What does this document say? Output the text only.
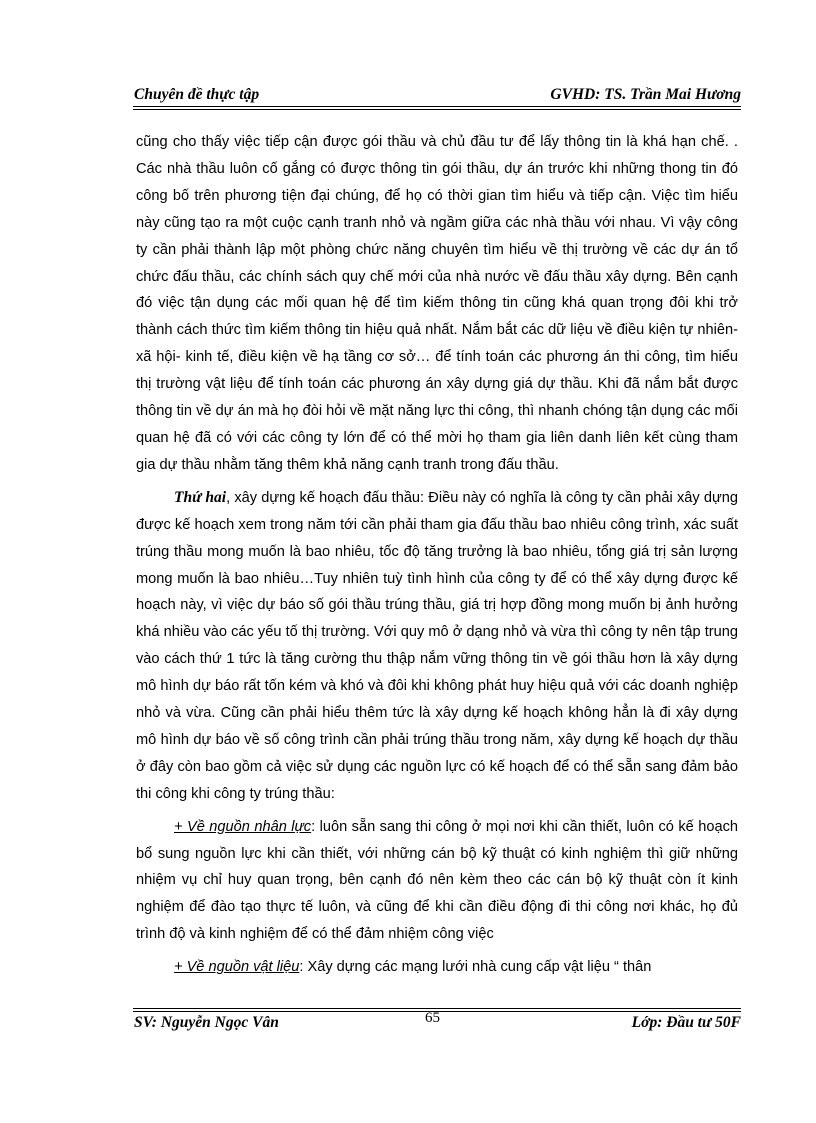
Chuyên đề thực tập	GVHD: TS. Trần Mai Hương

cũng cho thấy việc tiếp cận được gói thầu và chủ đầu tư để lấy thông tin là khá hạn chế. . Các nhà thầu luôn cố gắng có được thông tin gói thầu, dự án trước khi những thong tin đó công bố trên phương tiện đại chúng, để họ có thời gian tìm hiểu và tiếp cận. Việc tìm hiểu này cũng tạo ra một cuộc cạnh tranh nhỏ và ngầm giữa các nhà thầu với nhau. Vì vậy công ty cần phải thành lập một phòng chức năng chuyên tìm hiểu về thị trường về các dự án tổ chức đấu thầu, các chính sách quy chế mới của nhà nước về đấu thầu xây dựng. Bên cạnh đó việc tận dụng các mối quan hệ để tìm kiếm thông tin cũng khá quan trọng đôi khi trở thành cách thức tìm kiếm thông tin hiệu quả nhất. Nắm bắt các dữ liệu về điều kiện tự nhiên- xã hội- kinh tế, điều kiện về hạ tầng cơ sở… để tính toán các phương án thi công, tìm hiểu thị trường vật liệu để tính toán các phương án xây dựng giá dự thầu. Khi đã nắm bắt được thông tin về dự án mà họ đòi hỏi về mặt năng lực thi công, thì nhanh chóng tận dụng các mối quan hệ đã có với các công ty lớn để có thể mời họ tham gia liên danh liên kết cùng tham gia dự thầu nhằm tăng thêm khả năng cạnh tranh trong đấu thầu.

Thứ hai, xây dựng kế hoạch đấu thầu: Điều này có nghĩa là công ty cần phải xây dựng được kế hoạch xem trong năm tới cần phải tham gia đấu thầu bao nhiêu công trình, xác suất trúng thầu mong muốn là bao nhiêu, tốc độ tăng trưởng là bao nhiêu, tổng giá trị sản lượng mong muốn là bao nhiêu…Tuy nhiên tuỳ tình hình của công ty để có thể xây dựng được kế hoạch này, vì việc dự báo số gói thầu trúng thầu, giá trị hợp đồng mong muốn bị ảnh hưởng khá nhiều vào các yếu tố thị trường. Với quy mô ở dạng nhỏ và vừa thì công ty nên tập trung vào cách thứ 1 tức là tăng cường thu thập nắm vững thông tin về gói thầu hơn là xây dựng mô hình dự báo rất tốn kém và khó và đôi khi không phát huy hiệu quả với các doanh nghiệp nhỏ và vừa. Cũng cần phải hiểu thêm tức là xây dựng kế hoạch không hẳn là đi xây dựng mô hình dự báo về số công trình cần phải trúng thầu trong năm, xây dựng kế hoạch dự thầu ở đây còn bao gồm cả việc sử dụng các nguồn lực có kế hoạch để có thể sẵn sang đảm bảo thi công khi công ty trúng thầu:

+ Về nguồn nhân lực: luôn sẵn sang thi công ở mọi nơi khi cần thiết, luôn có kế hoạch bổ sung nguồn lực khi cần thiết, với những cán bộ kỹ thuật có kinh nghiệm thì giữ những nhiệm vụ chỉ huy quan trọng, bên cạnh đó nên kèm theo các cán bộ kỹ thuật còn ít kinh nghiệm để đào tạo thực tế luôn, và cũng để khi cần điều động đi thi công nơi khác, họ đủ trình độ và kinh nghiệm để có thể đảm nhiệm công việc

+ Về nguồn vật liệu: Xây dựng các mạng lưới nhà cung cấp vật liệu “ thân

SV: Nguyễn Ngọc Vân	65	Lớp: Đầu tư 50F
